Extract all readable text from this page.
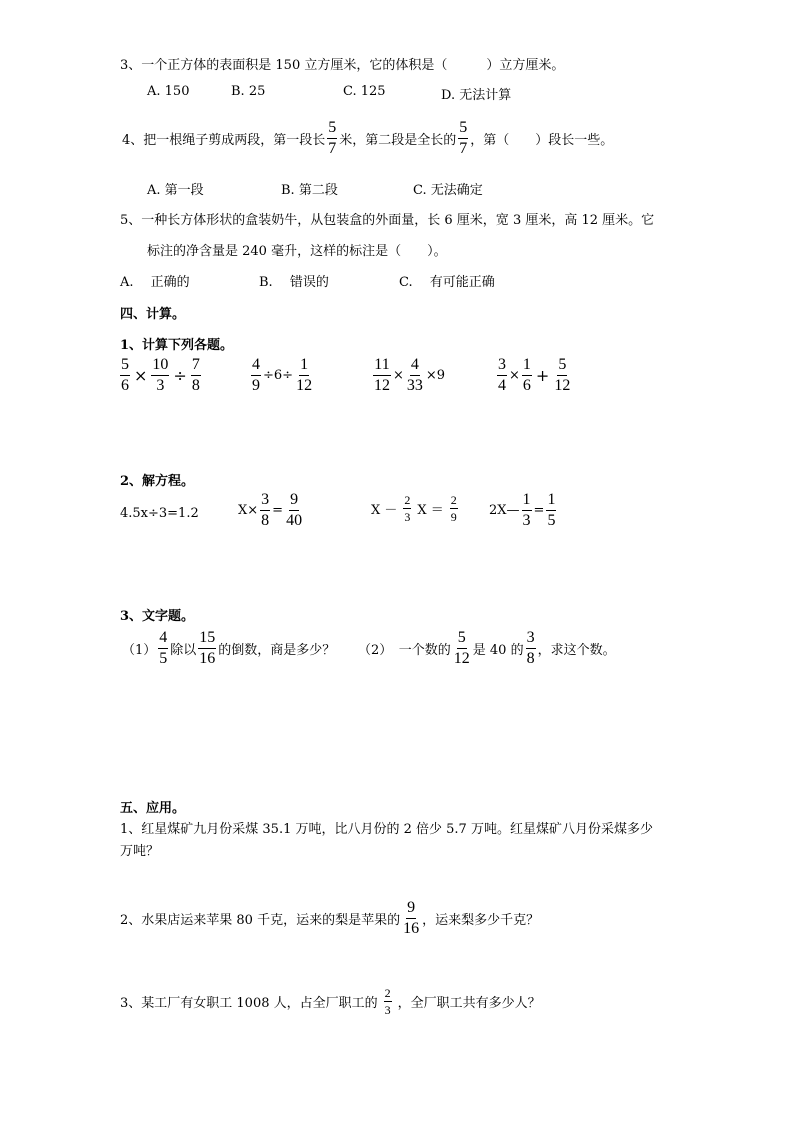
3、一个正方体的表面积是 150 立方厘米，它的体积是（　　　）立方厘米。
A. 150	B. 25	C. 125	D. 无法计算
4、把一根绳子剪成两段，第一段长 $\frac{5}{7}$ 米，第二段是全长的 $\frac{5}{7}$ ，第（　　）段长一些。
A. 第一段	B. 第二段	C. 无法确定
5、一种长方体形状的盒装奶牛，从包装盒的外面量，长 6 厘米，宽 3 厘米，高 12 厘米。它
标注的净含量是 240 毫升，这样的标注是（　　）。
A.　 正确的	B.　 错误的	C.　 有可能正确
四、计算。
1、计算下列各题。
$\frac{5}{6} \times \frac{10}{3} \div \frac{7}{8}$	$\frac{4}{9} \div 6\div \frac{1}{12}$	$\frac{11}{12} \times \frac{4}{33} \times 9$	$\frac{3}{4} \times \frac{1}{6} + \frac{5}{12}$
2、解方程。
4.5x÷3=1.2	$X\times \frac{3}{8} = \frac{9}{40}$	$X - \frac{2}{3}$ $X = \frac{2}{9}$ 2X— $\frac{1}{3} = \frac{1}{5}$
3、文字题。
$(1) \frac{4}{5}$ 除以 $\frac{15}{16}$ 的倒数，商是多少？ （2）　一个数的 $\frac{5}{12}$ 是 40 的 $\frac{3}{8}$ ，求这个数。
五、应用。
1、红星煤矿九月份采煤 35.1 万吨，比八月份的 2 倍少 5.7 万吨。红星煤矿八月份采煤多少
万吨？
2、水果店运来苹果 80 千克，运来的梨是苹果的 $\frac{9}{16}$ ，运来梨多少千克？
3、某工厂有女职工 1008 人，占全厂职工的 $\frac{2}{3}$ ，全厂职工共有多少人？
